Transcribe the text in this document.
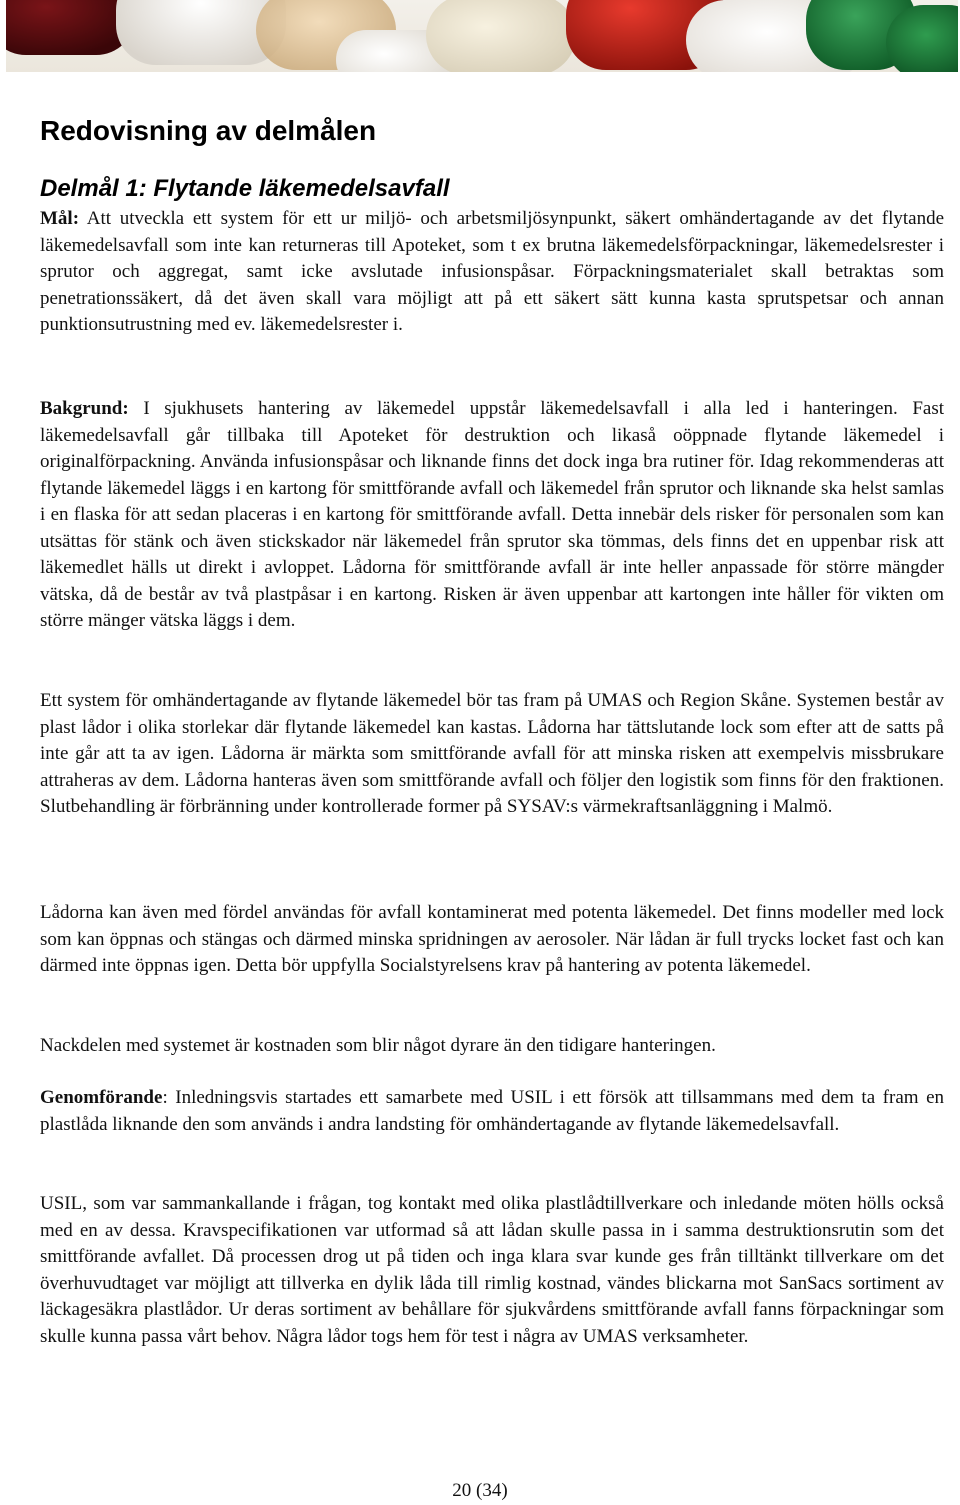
Redovisning av delmålen
Delmål 1: Flytande läkemedelsavfall

Mål: Att utveckla ett system för ett ur miljö- och arbetsmiljösynpunkt, säkert omhändertagande av det flytande läkemedelsavfall som inte kan returneras till Apoteket, som t ex brutna läkemedelsförpackningar, läkemedelsrester i sprutor och aggregat, samt icke avslutade infusionspåsar. Förpackningsmaterialet skall betraktas som penetrationssäkert, då det även skall vara möjligt att på ett säkert sätt kunna kasta sprutspetsar och annan punktionsutrustning med ev. läkemedelsrester i.

Bakgrund: I sjukhusets hantering av läkemedel uppstår läkemedelsavfall i alla led i hanteringen. Fast läkemedelsavfall går tillbaka till Apoteket för destruktion och likaså oöppnade flytande läkemedel i originalförpackning. Använda infusionspåsar och liknande finns det dock inga bra rutiner för. Idag rekommenderas att flytande läkemedel läggs i en kartong för smittförande avfall och läkemedel från sprutor och liknande ska helst samlas i en flaska för att sedan placeras i en kartong för smittförande avfall. Detta innebär dels risker för personalen som kan utsättas för stänk och även stickskador när läkemedel från sprutor ska tömmas, dels finns det en uppenbar risk att läkemedlet hälls ut direkt i avloppet. Lådorna för smittförande avfall är inte heller anpassade för större mängder vätska, då de består av två plastpåsar i en kartong. Risken är även uppenbar att kartongen inte håller för vikten om större mänger vätska läggs i dem.

Ett system för omhändertagande av flytande läkemedel bör tas fram på UMAS och Region Skåne. Systemen består av plast lådor i olika storlekar där flytande läkemedel kan kastas. Lådorna har tättslutande lock som efter att de satts på inte går att ta av igen. Lådorna är märkta som smittförande avfall för att minska risken att exempelvis missbrukare attraheras av dem. Lådorna hanteras även som smittförande avfall och följer den logistik som finns för den fraktionen. Slutbehandling är förbränning under kontrollerade former på SYSAV:s värmekraftsanläggning i Malmö.

Lådorna kan även med fördel användas för avfall kontaminerat med potenta läkemedel. Det finns modeller med lock som kan öppnas och stängas och därmed minska spridningen av aerosoler. När lådan är full trycks locket fast och kan därmed inte öppnas igen. Detta bör uppfylla Socialstyrelsens krav på hantering av potenta läkemedel.

Nackdelen med systemet är kostnaden som blir något dyrare än den tidigare hanteringen.

Genomförande: Inledningsvis startades ett samarbete med USIL i ett försök att tillsammans med dem ta fram en plastlåda liknande den som används i andra landsting för omhändertagande av flytande läkemedelsavfall.

USIL, som var sammankallande i frågan, tog kontakt med olika plastlådtillverkare och inledande möten hölls också med en av dessa. Kravspecifikationen var utformad så att lådan skulle passa in i samma destruktionsrutin som det smittförande avfallet. Då processen drog ut på tiden och inga klara svar kunde ges från tilltänkt tillverkare om det överhuvudtaget var möjligt att tillverka en dylik låda till rimlig kostnad, vändes blickarna mot SanSacs sortiment av läckagesäkra plastlådor. Ur deras sortiment av behållare för sjukvårdens smittförande avfall fanns förpackningar som skulle kunna passa vårt behov. Några lådor togs hem för test i några av UMAS verksamheter.

20 (34)
